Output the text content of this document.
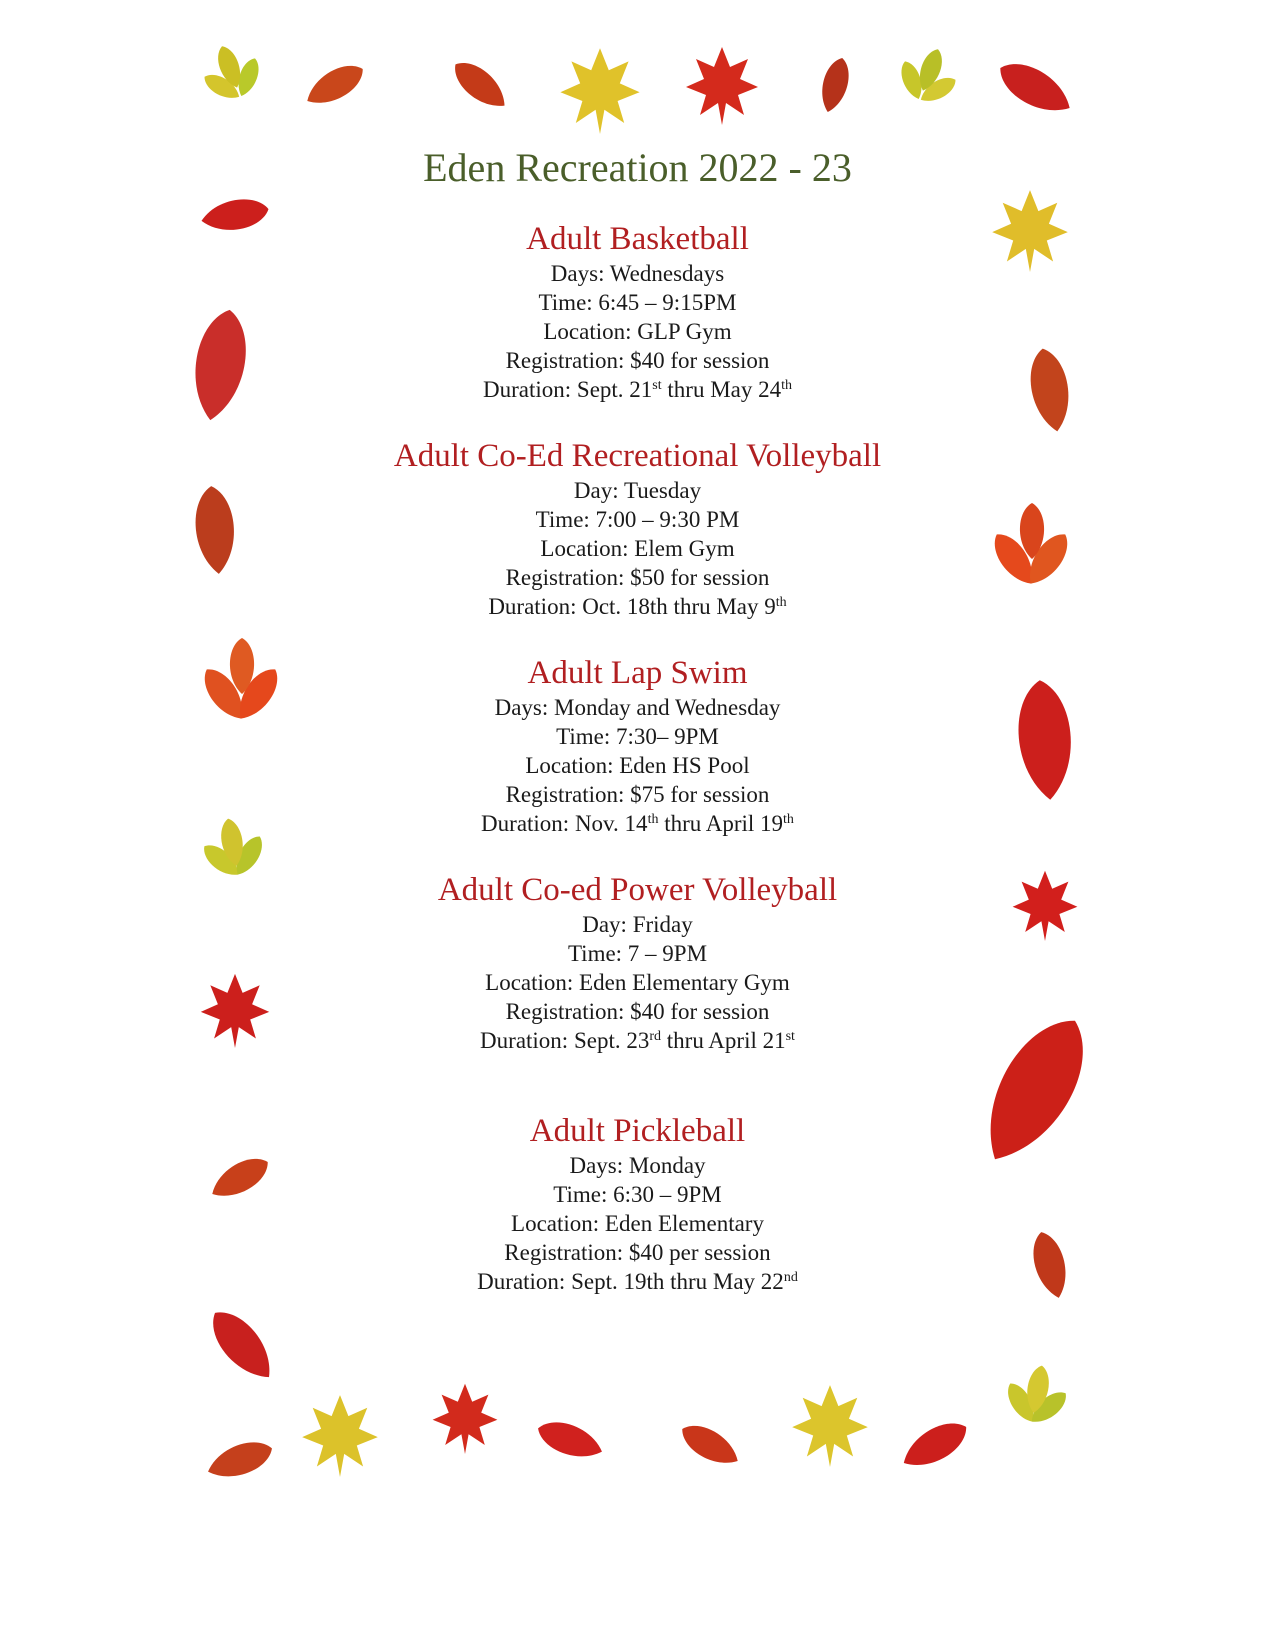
Eden Recreation 2022 - 23
Adult Basketball
Days: Wednesdays
Time: 6:45 – 9:15PM
Location: GLP Gym
Registration: $40 for session
Duration: Sept. 21st thru May 24th
Adult Co-Ed Recreational Volleyball
Day: Tuesday
Time: 7:00 – 9:30 PM
Location: Elem Gym
Registration: $50 for session
Duration: Oct. 18th thru May 9th
Adult Lap Swim
Days: Monday and Wednesday
Time: 7:30– 9PM
Location: Eden HS Pool
Registration: $75 for session
Duration: Nov. 14th thru April 19th
Adult Co-ed Power Volleyball
Day: Friday
Time: 7 – 9PM
Location: Eden Elementary Gym
Registration: $40 for session
Duration: Sept. 23rd thru April 21st
Adult Pickleball
Days: Monday
Time: 6:30 – 9PM
Location: Eden Elementary
Registration: $40 per session
Duration: Sept. 19th thru May 22nd
